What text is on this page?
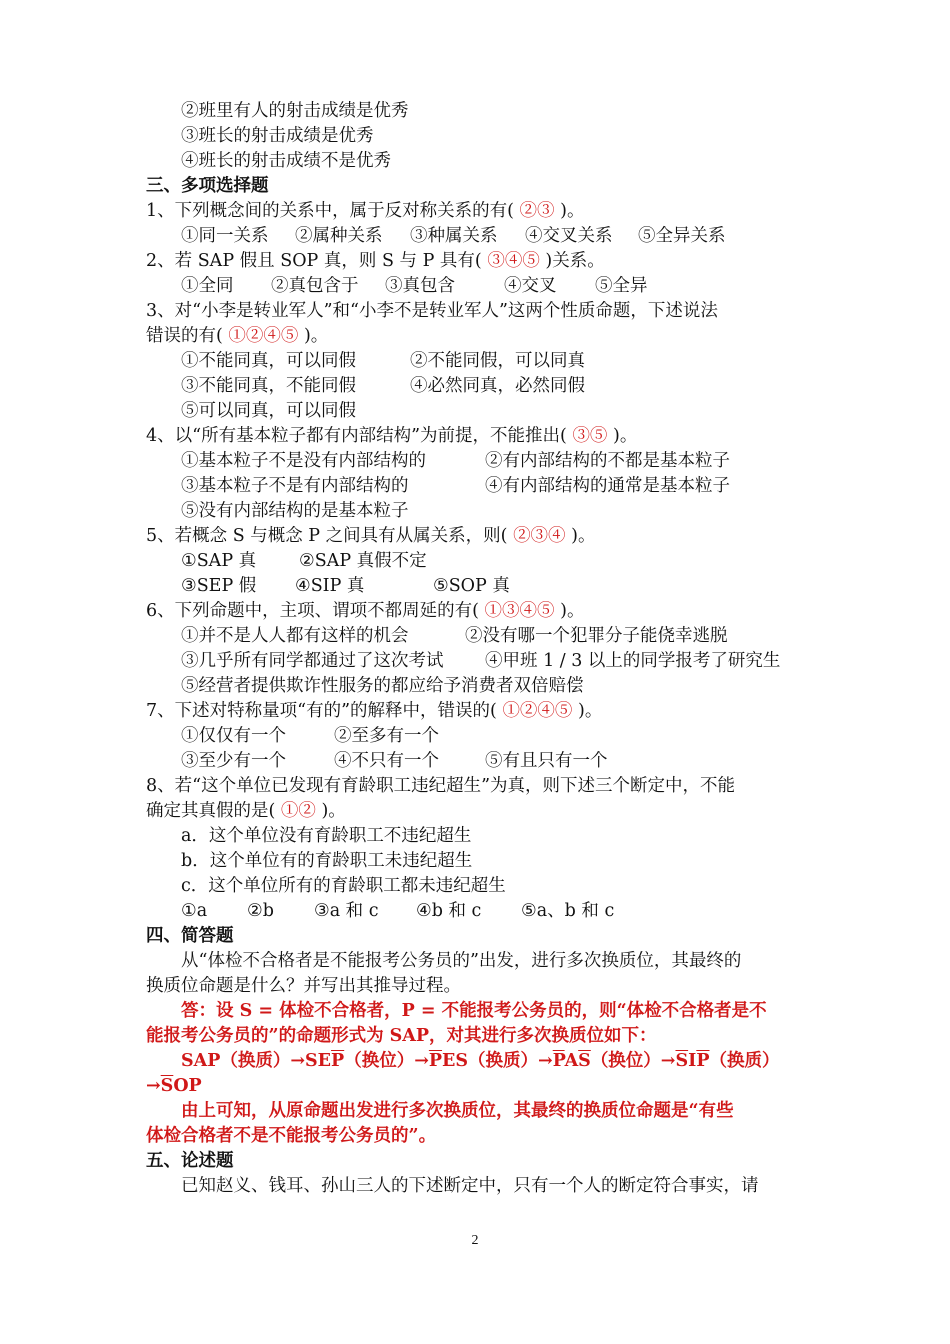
②班里有人的射击成绩是优秀
③班长的射击成绩是优秀
④班长的射击成绩不是优秀
三、多项选择题
1、下列概念间的关系中，属于反对称关系的有( ②③ )。
①同一关系 ②属种关系 ③种属关系 ④交叉关系 ⑤全异关系
2、若 SAP 假且 SOP 真，则 S 与 P 具有( ③④⑤ )关系。
①全同 ②真包含于 ③真包含	④交叉 ⑤全异
3、对“小李是转业军人”和“小李不是转业军人”这两个性质命题，下述说法
错误的有( ①②④⑤ )。
①不能同真，可以同假	②不能同假，可以同真
③不能同真，不能同假	④必然同真，必然同假
⑤可以同真，可以同假
4、以“所有基本粒子都有内部结构”为前提，不能推出( ③⑤ )。
①基本粒子不是没有内部结构的	②有内部结构的不都是基本粒子
③基本粒子不是有内部结构的	④有内部结构的通常是基本粒子
⑤没有内部结构的是基本粒子
5、若概念 S 与概念 P 之间具有从属关系，则( ②③④ )。
①SAP 真 ②SAP 真假不定
③SEP 假 ④SIP 真	⑤SOP 真
6、下列命题中，主项、谓项不都周延的有( ①③④⑤ )。
①并不是人人都有这样的机会	②没有哪一个犯罪分子能侥幸逃脱
③几乎所有同学都通过了这次考试 ④甲班 1 / 3 以上的同学报考了研究生
⑤经营者提供欺诈性服务的都应给予消费者双倍赔偿
7、下述对特称量项“有的”的解释中，错误的( ①②④⑤ )。
①仅仅有一个	②至多有一个
③至少有一个	④不只有一个	⑤有且只有一个
8、若“这个单位已发现有育龄职工违纪超生”为真，则下述三个断定中，不能
确定其真假的是( ①② )。
a．这个单位没有育龄职工不违纪超生
b．这个单位有的育龄职工未违纪超生
c．这个单位所有的育龄职工都未违纪超生
①a ②b ③a 和 c ④b 和 c ⑤a、b 和 c
四、简答题
从“体检不合格者是不能报考公务员的”出发，进行多次换质位，其最终的
换质位命题是什么？并写出其推导过程。
答：设 S = 体检不合格者，P = 不能报考公务员的，则“体检不合格者是不
能报考公务员的”的命题形式为 SAP，对其进行多次换质位如下：
SAP（换质）$\to SE\overline{P}$（换位）$\to\overline{P}ES$（换质）$\to\overline{P}A\overline{S}$（换位）$\to\overline{S}I\overline{P}$（换质）
$\to\overline{S}OP$
由上可知，从原命题出发进行多次换质位，其最终的换质位命题是“有些
体检合格者不是不能报考公务员的”。
五、论述题
已知赵义、钱耳、孙山三人的下述断定中，只有一个人的断定符合事实，请
2
